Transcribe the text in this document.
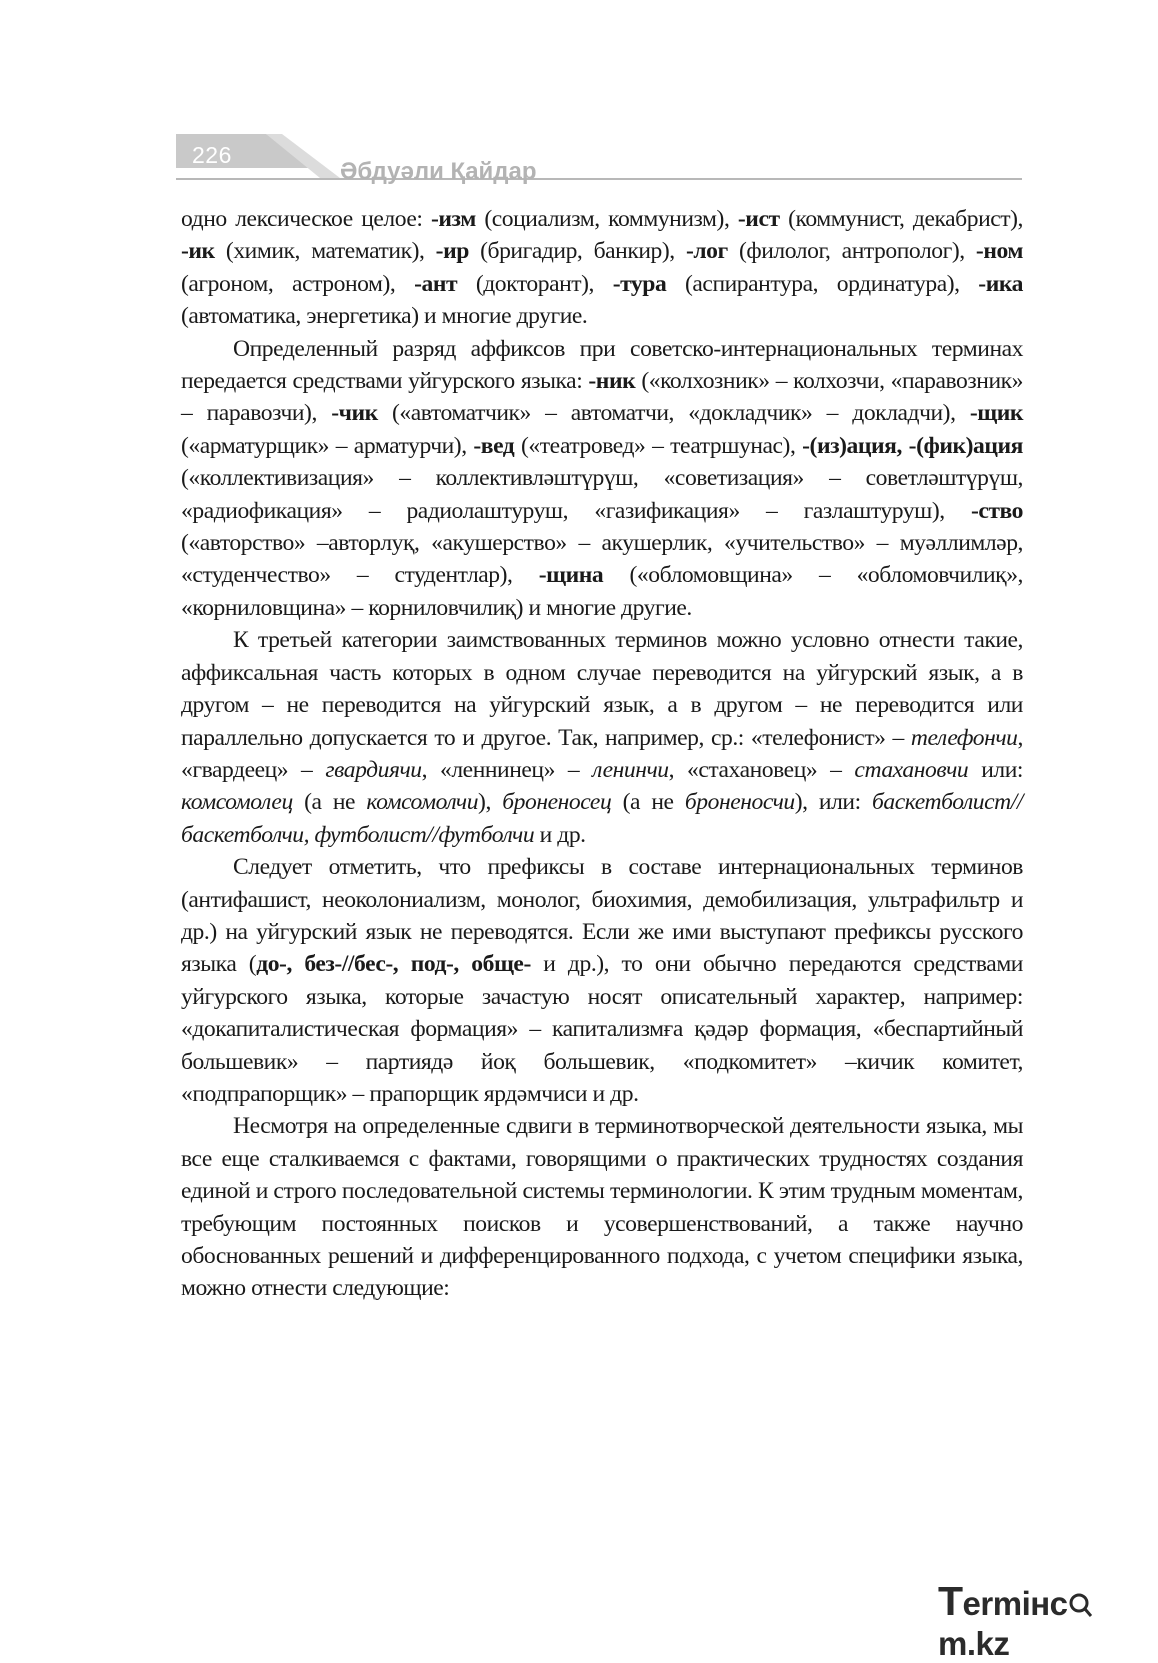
226
Әбдуәли Қайдар

одно лексическое целое: -изм (социализм, коммунизм), -ист (коммунист, декабрист), -ик (химик, математик), -ир (бригадир, банкир), -лог (филолог, антрополог), -ном (агроном, астроном), -ант (докторант), -тура (аспирантура, ординатура), -ика (автоматика, энергетика) и многие другие.

Определенный разряд аффиксов при советско-интернациональных терминах передается средствами уйгурского языка: -ник («колхозник» – колхозчи, «паравозник» – паравозчи), -чик («автоматчик» – автоматчи, «докладчик» – докладчи), -щик («арматурщик» – арматурчи), -вед («театровед» – театршунас), -(из)ация, -(фик)ация («коллективизация» – коллективләштүрүш, «советизация» – советләштүрүш, «радиофикация» – радиолаштуруш, «газификация» – газлаштуруш), -ство («авторство» –авторлуқ, «акушерство» – акушерлик, «учительство» – муәллимләр, «студенчество» – студентлар), -щина («обломовщина» – «обломовчилиқ», «корниловщина» – корниловчилиқ) и многие другие.

К третьей категории заимствованных терминов можно условно отнести такие, аффиксальная часть которых в одном случае переводится на уйгурский язык, а в другом – не переводится на уйгурский язык, а в другом – не переводится или параллельно допускается то и другое. Так, например, ср.: «телефонист» – телефончи, «гвардеец» – гвардиячи, «леннинец» – ленинчи, «стахановец» – стахановчи или: комсомолец (а не комсомолчи), броненосец (а не броненосчи), или: баскетболист//баскетболчи, футболист//футболчи и др.

Следует отметить, что префиксы в составе интернациональных терминов (антифашист, неоколониализм, монолог, биохимия, демобилизация, ультрафильтр и др.) на уйгурский язык не переводятся. Если же ими выступают префиксы русского языка (до-, без-//бес-, под-, обще- и др.), то они обычно передаются средствами уйгурского языка, которые зачастую носят описательный характер, например: «докапиталистическая формация» – капитализмға қәдәр формация, «беспартийный большевик» – партиядә йоқ большевик, «подкомитет» –кичик комитет, «подпрапорщик» – прапорщик ярдәмчиси и др.

Несмотря на определенные сдвиги в терминотворческой деятельности языка, мы все еще сталкиваемся с фактами, говорящими о практических трудностях создания единой и строго последовательной системы терминологии. К этим трудным моментам, требующим постоянных поисков и усовершенствований, а также научно обоснованных решений и дифференцированного подхода, с учетом специфики языка, можно отнести следующие:

Termінcm.kz
